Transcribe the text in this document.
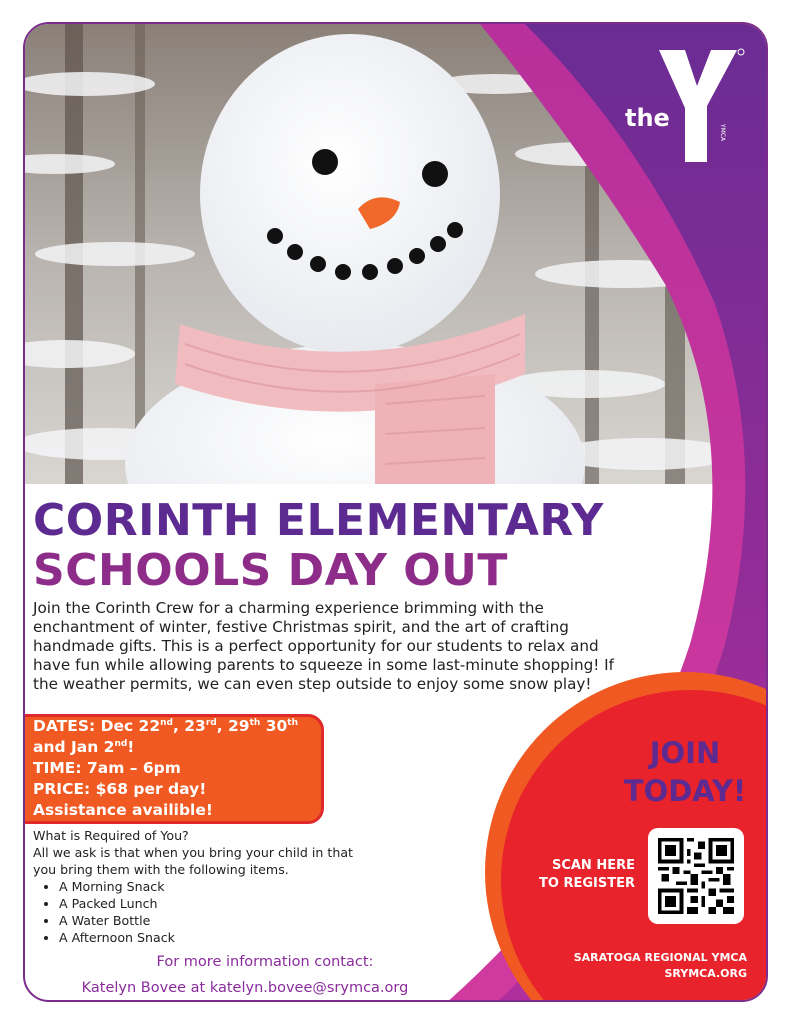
the
YMCA
CORINTH ELEMENTARY
SCHOOLS DAY OUT
Join the Corinth Crew for a charming experience brimming with the enchantment of winter, festive Christmas spirit, and the art of crafting handmade gifts. This is a perfect opportunity for our students to relax and have fun while allowing parents to squeeze in some last-minute shopping! If the weather permits, we can even step outside to enjoy some snow play!
DATES: Dec 22nd, 23rd, 29th 30th
and Jan 2nd!
TIME: 7am – 6pm
PRICE: $68 per day!
Assistance availible!
What is Required of You?
All we ask is that when you bring your child in that you bring them with the following items.
• A Morning Snack
• A Packed Lunch
• A Water Bottle
• A Afternoon Snack
For more information contact:
Katelyn Bovee at katelyn.bovee@srymca.org
JOIN
TODAY!
SCAN HERE
TO REGISTER
SARATOGA REGIONAL YMCA
SRYMCA.ORG
